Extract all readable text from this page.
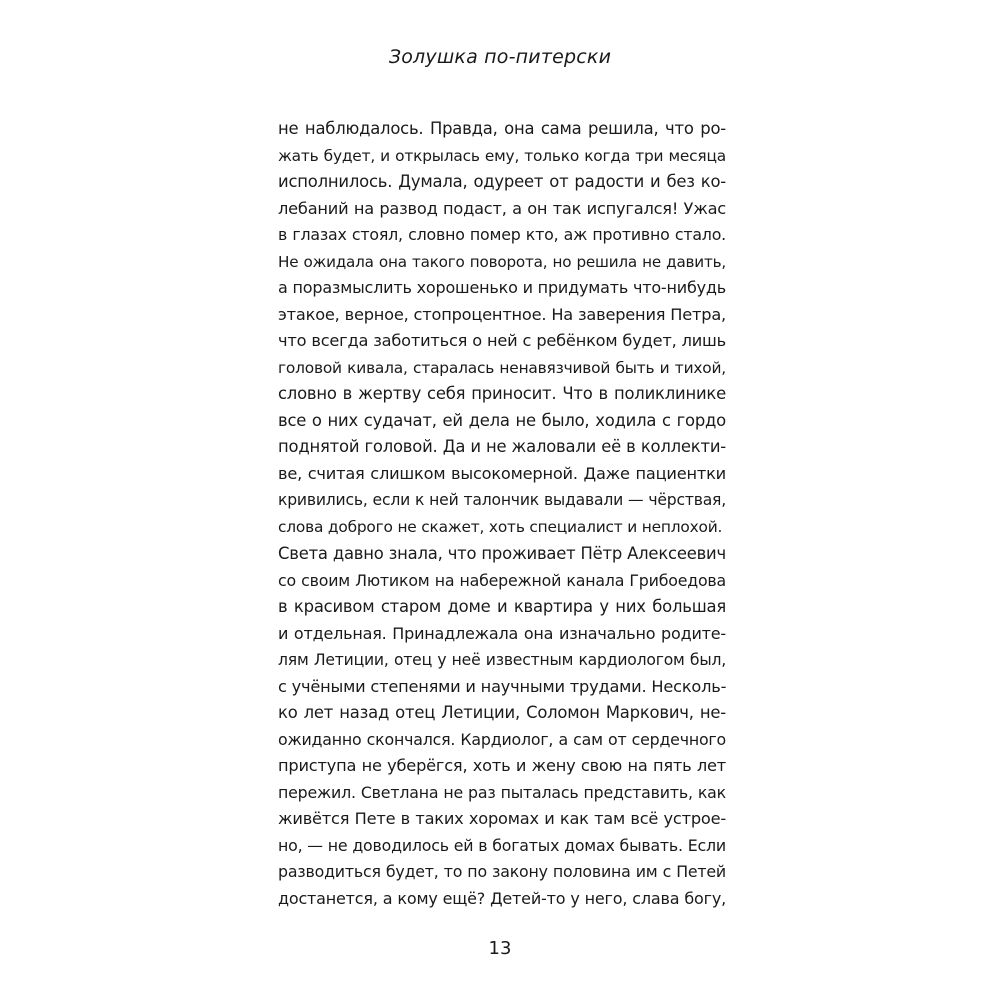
Золушка по-питерски
не наблюдалось. Правда, она сама решила, что ро-
жать будет, и открылась ему, только когда три месяца
исполнилось. Думала, одуреет от радости и без ко-
лебаний на развод подаст, а он так испугался! Ужас
в глазах стоял, словно помер кто, аж противно стало.
Не ожидала она такого поворота, но решила не давить,
а поразмыслить хорошенько и придумать что-нибудь
этакое, верное, стопроцентное. На заверения Петра,
что всегда заботиться о ней с ребёнком будет, лишь
головой кивала, старалась ненавязчивой быть и тихой,
словно в жертву себя приносит. Что в поликлинике
все о них судачат, ей дела не было, ходила с гордо
поднятой головой. Да и не жаловали её в коллекти-
ве, считая слишком высокомерной. Даже пациентки
кривились, если к ней талончик выдавали — чёрствая,
слова доброго не скажет, хоть специалист и неплохой.
Света давно знала, что проживает Пётр Алексеевич
со своим Лютиком на набережной канала Грибоедова
в красивом старом доме и квартира у них большая
и отдельная. Принадлежала она изначально родите-
лям Летиции, отец у неё известным кардиологом был,
с учёными степенями и научными трудами. Несколь-
ко лет назад отец Летиции, Соломон Маркович, не-
ожиданно скончался. Кардиолог, а сам от сердечного
приступа не уберёгся, хоть и жену свою на пять лет
пережил. Светлана не раз пыталась представить, как
живётся Пете в таких хоромах и как там всё устрое-
но, — не доводилось ей в богатых домах бывать. Если
разводиться будет, то по закону половина им с Петей
достанется, а кому ещё? Детей-то у него, слава богу,
13
